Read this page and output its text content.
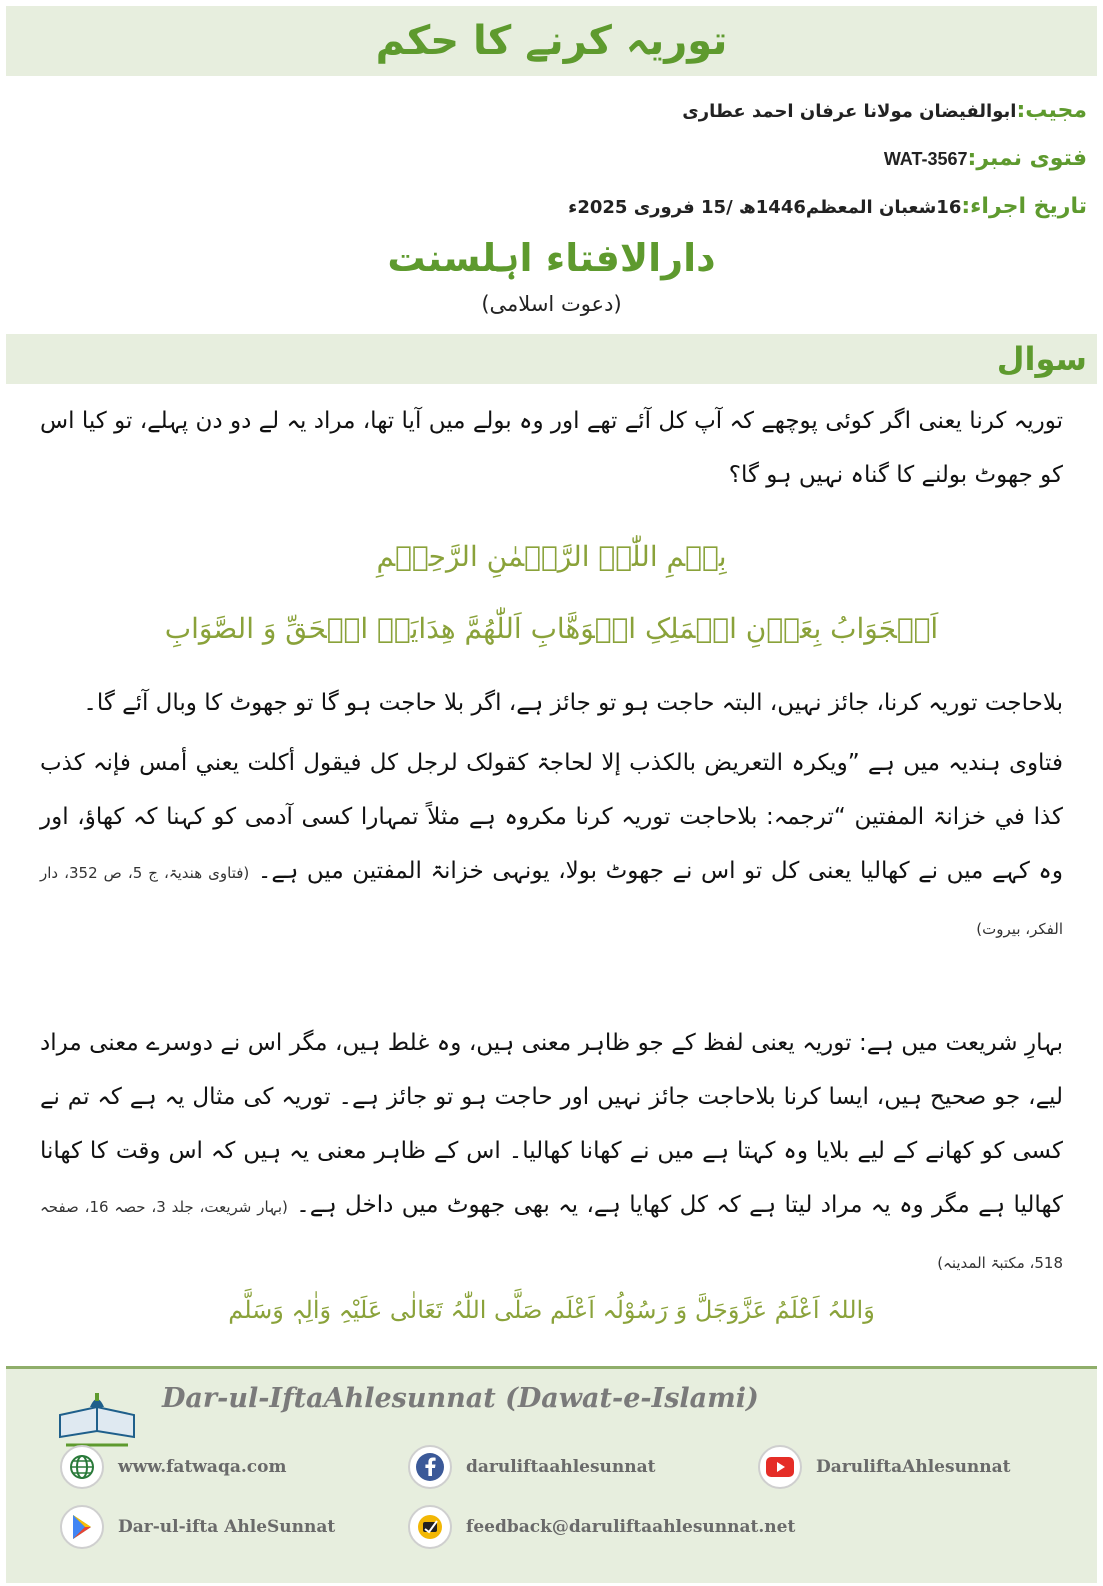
توریہ کرنے کا حکم
مجیب:ابوالفیضان مولانا عرفان احمد عطاری
فتوی نمبر:WAT-3567
تاریخ اجراء:16شعبان المعظم1446ھ /15 فروری 2025ء
دارالافتاء اہلسنت
(دعوت اسلامی)
سوال
توریہ کرنا یعنی اگر کوئی پوچھے کہ آپ کل آئے تھے اور وہ بولے میں آیا تھا، مراد یہ لے دو دن پہلے، تو کیا اس کو جھوٹ بولنے کا گناہ نہیں ہو گا؟
بِسۡمِ اللّٰہِ الرَّحۡمٰنِ الرَّحِیۡمِ
اَلۡجَوَابُ بِعَوۡنِ الۡمَلِکِ الۡوَھَّابِ اَللّٰھُمَّ ھِدَایَۃَ الۡحَقِّ وَ الصَّوَابِ
بلاحاجت توریہ کرنا، جائز نہیں، البتہ حاجت ہو تو جائز ہے، اگر بلا حاجت ہو گا تو جھوٹ کا وبال آئے گا۔
فتاوی ہندیہ میں ہے ”ویکرہ التعریض بالکذب إلا لحاجۃ کقولک لرجل کل فیقول أکلت یعني أمس فإنہ کذب کذا في خزانۃ المفتین “ترجمہ: بلاحاجت توریہ کرنا مکروہ ہے مثلاً تمہارا کسی آدمی کو کہنا کہ کھاؤ، اور وہ کہے میں نے کھالیا یعنی کل تو اس نے جھوٹ بولا، یونہی خزانۃ المفتین میں ہے۔ (فتاوی ھندیۃ، ج 5، ص 352، دار الفکر، بیروت)
بہارِ شریعت میں ہے: توریہ یعنی لفظ کے جو ظاہر معنی ہیں، وہ غلط ہیں، مگر اس نے دوسرے معنی مراد لیے، جو صحیح ہیں، ایسا کرنا بلاحاجت جائز نہیں اور حاجت ہو تو جائز ہے۔ توریہ کی مثال یہ ہے کہ تم نے کسی کو کھانے کے لیے بلایا وہ کہتا ہے میں نے کھانا کھالیا۔ اس کے ظاہر معنی یہ ہیں کہ اس وقت کا کھانا کھالیا ہے مگر وہ یہ مراد لیتا ہے کہ کل کھایا ہے، یہ بھی جھوٹ میں داخل ہے۔ (بہار شریعت، جلد 3، حصہ 16، صفحہ 518، مکتبۃ المدینہ)
وَاللہُ اَعْلَمُ عَزَّوَجَلَّ وَ رَسُوْلُہ اَعْلَم صَلَّی اللّٰہُ تَعَالٰی عَلَیْہِ وَاٰلِہٖ وَسَلَّم
Dar-ul-IftaAhlesunnat (Dawat-e-Islami)
www.fatwaqa.com	daruliftaahlesunnat	DaruliftaAhlesunnat
Dar-ul-ifta AhleSunnat	feedback@daruliftaahlesunnat.net
